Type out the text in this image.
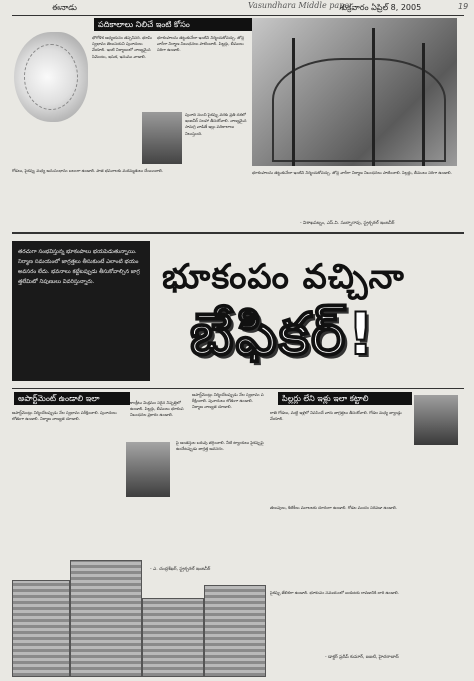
ఈనాడు	Vasundhara Middle paper
శుక్రవారం ఏప్రిల్ 8, 2005	19
పదికాలాలు నిలిచే ఇంటి కోసం
భౌగోళిక అధ్యయనం తప్పనిసరి. భూమి స్వభావం తెలుసుకుని పునాదులు వేయాలి. ఇంటి నిర్మాణంలో నాణ్యమైన సిమెంటు, ఇసుక, ఇనుము వాడాలి.
భూకంపాలను తట్టుకునేలా ఇంటిని నిర్మించుకోవచ్చు. జోన్ల వారీగా నిర్మాణ నిబంధనలు పాటించాలి. పిల్లర్లు, బీములు సరిగా ఉండాలి.
పునాది నుంచి పైకప్పు వరకు ప్రతి దశలో ఇంజనీర్ సలహా తీసుకోవాలి. నాణ్యమైన సామగ్రి వాడితే ఇల్లు పదికాలాలు నిలుస్తుంది.
గోడలు, పైకప్పు మధ్య అనుసంధానం బలంగా ఉండాలి. పాత భవనాలకు మరమ్మతులు చేయించాలి.	భూకంపాలను తట్టుకునేలా ఇంటిని నిర్మించుకోవచ్చు. జోన్ల వారీగా నిర్మాణ నిబంధనలు పాటించాలి. పిల్లర్లు, బీములు సరిగా ఉండాలి.
- విశాఖపట్నం, ఎస్.వి. సుబ్బారావు, స్ట్రక్చరల్ ఇంజనీర్
తరచుగా సంభవిస్తున్న భూకంపాలు భయపెడుతున్నాయి. నిర్మాణ సమయంలో జాగ్రత్తలు తీసుకుంటే ఎలాంటి భయం అవసరం లేదు. భవనాలు కట్టేటప్పుడు తీసుకోవాల్సిన జాగ్రత్తలేమిటో నిపుణులు వివరిస్తున్నారు.	భూకంపం వచ్చినా
బేఫికర్!
అపార్ట్‌మెంట్‌ ఉండాలి ఇలా
అపార్ట్‌మెంట్లు నిర్మించేటప్పుడు నేల స్వభావం పరీక్షించాలి. పునాదులు లోతుగా ఉండాలి. నిర్మాణ నాణ్యత చూడాలి.
కాంక్రీటు మిశ్రమం సరైన నిష్పత్తిలో ఉండాలి. పిల్లర్లు, బీములు భూకంప నిబంధనల ప్రకారం ఉండాలి.
పై అంతస్తుల బరువు తగ్గించాలి. నీటి ట్యాంకులు పైకప్పుపై ఉంచేటప్పుడు జాగ్రత్త అవసరం.
అపార్ట్‌మెంట్లు నిర్మించేటప్పుడు నేల స్వభావం పరీక్షించాలి. పునాదులు లోతుగా ఉండాలి. నిర్మాణ నాణ్యత చూడాలి.
- ఎ. చంద్రశేఖర్, స్ట్రక్చరల్ ఇంజనీర్
పిల్లర్లు లేని ఇళ్లు ఇలా కట్టాలి
రాతి గోడలు, మట్టి ఇళ్లలో నివసించే వారు జాగ్రత్తలు తీసుకోవాలి. గోడల మధ్య బ్యాండ్లు వేయాలి.
తలుపులు, కిటికీలు మూలలకు దూరంగా ఉండాలి. గోడల మందం సరిపడా ఉండాలి.
పైకప్పు తేలికగా ఉండాలి. భూకంపం సమయంలో బయటకు రావడానికి దారి ఉండాలి.
- డాక్టర్ ప్రదీప్ కుమార్, ఐఐటి, హైదరాబాద్
